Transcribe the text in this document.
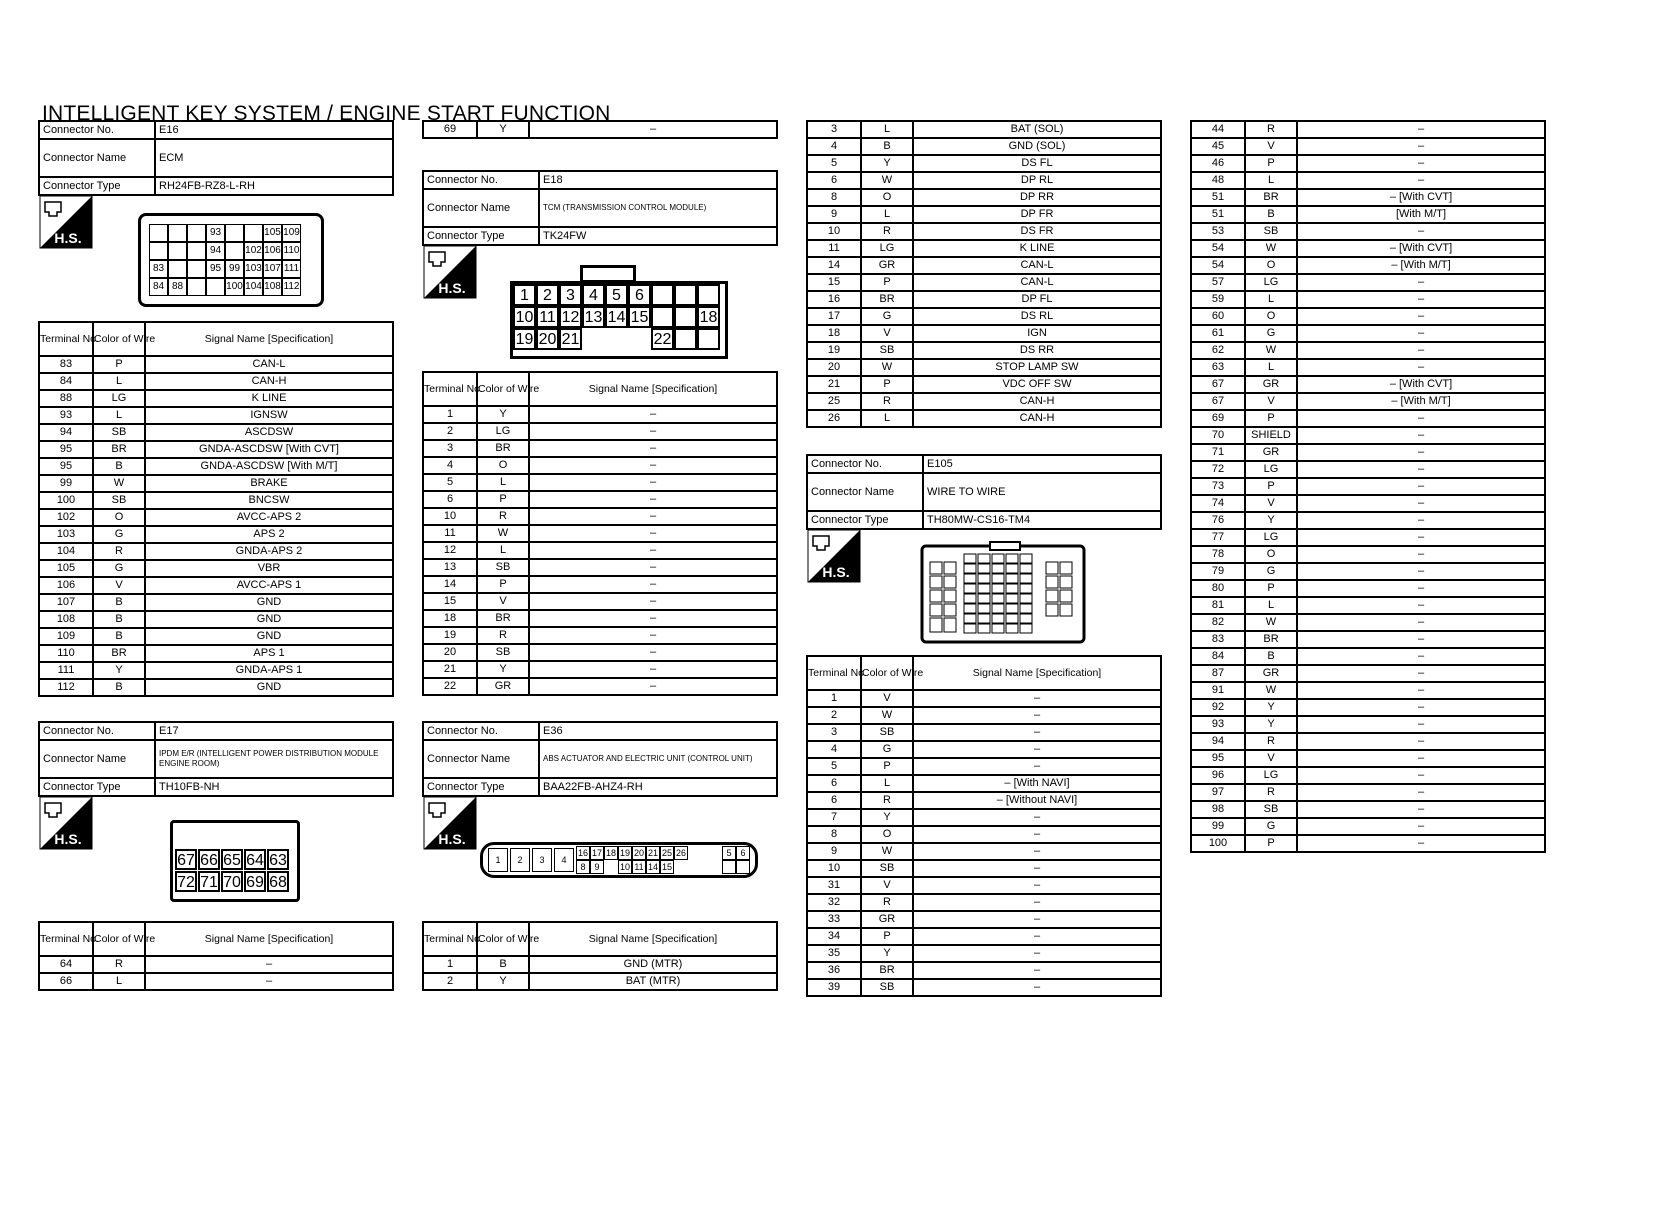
INTELLIGENT KEY SYSTEM / ENGINE START FUNCTION
Connector No.	E16
Connector Name	ECM
Connector Type	RH24FB-RZ8-L-RH
H.S.	93	105 109
94	102 106 110
83	95 99 103 107 111
84 88	100 104 108 112
Terminal No.	Color of Wire	Signal Name [Specification]
83	P	CAN-L
84	L	CAN-H
88	LG	K LINE
93	L	IGNSW
94	SB	ASCDSW
95	BR	GNDA-ASCDSW [With CVT]
95	B	GNDA-ASCDSW [With M/T]
99	W	BRAKE
100	SB	BNCSW
102	O	AVCC-APS 2
103	G	APS 2
104	R	GNDA-APS 2
105	G	VBR
106	V	AVCC-APS 1
107	B	GND
108	B	GND
109	B	GND
110	BR	APS 1
111	Y	GNDA-APS 1
112	B	GND
Connector No.	E17
Connector Name	IPDM E/R (INTELLIGENT POWER DISTRIBUTION MODULE ENGINE ROOM)
Connector Type	TH10FB-NH
H.S.
67 66 65 64 63
72 71 70 69 68
Terminal No.	Color of Wire	Signal Name [Specification]
64	R	–
66	L	–
69	Y	–
Connector No.	E18
Connector Name	TCM (TRANSMISSION CONTROL MODULE)
Connector Type	TK24FW
H.S.	1 2 3 4 5 6
10 11 12 13 14 15	18
19 20 21	22
Terminal No.	Color of Wire	Signal Name [Specification]
1	Y	–
2	LG	–
3	BR	–
4	O	–
5	L	–
6	P	–
10	R	–
11	W	–
12	L	–
13	SB	–
14	P	–
15	V	–
18	BR	–
19	R	–
20	SB	–
21	Y	–
22	GR	–
Connector No.	E36
Connector Name	ABS ACTUATOR AND ELECTRIC UNIT (CONTROL UNIT)
Connector Type	BAA22FB-AHZ4-RH
H.S.
1	2	3	4
16 17 18 19 20 21 25 26	5 6
8 9	10 11 14 15
Terminal No.	Color of Wire	Signal Name [Specification]
1	B	GND (MTR)
2	Y	BAT (MTR)
3	L	BAT (SOL)
4	B	GND (SOL)
5	Y	DS FL
6	W	DP RL
8	O	DP RR
9	L	DP FR
10	R	DS FR
11	LG	K LINE
14	GR	CAN-L
15	P	CAN-L
16	BR	DP FL
17	G	DS RL
18	V	IGN
19	SB	DS RR
20	W	STOP LAMP SW
21	P	VDC OFF SW
25	R	CAN-H
26	L	CAN-H
Connector No.	E105
Connector Name	WIRE TO WIRE
Connector Type	TH80MW-CS16-TM4
H.S.
Terminal No.	Color of Wire	Signal Name [Specification]
1	V	–
2	W	–
3	SB	–
4	G	–
5	P	–
6	L	– [With NAVI]
6	R	– [Without NAVI]
7	Y	–
8	O	–
9	W	–
10	SB	–
31	V	–
32	R	–
33	GR	–
34	P	–
35	Y	–
36	BR	–
39	SB	–
44	R	–
45	V	–
46	P	–
48	L	–
51	BR	– [With CVT]
51	B	[With M/T]
53	SB	–
54	W	– [With CVT]
54	O	– [With M/T]
57	LG	–
59	L	–
60	O	–
61	G	–
62	W	–
63	L	–
67	GR	– [With CVT]
67	V	– [With M/T]
69	P	–
70	SHIELD	–
71	GR	–
72	LG	–
73	P	–
74	V	–
76	Y	–
77	LG	–
78	O	–
79	G	–
80	P	–
81	L	–
82	W	–
83	BR	–
84	B	–
87	GR	–
91	W	–
92	Y	–
93	Y	–
94	R	–
95	V	–
96	LG	–
97	R	–
98	SB	–
99	G	–
100	P	–
